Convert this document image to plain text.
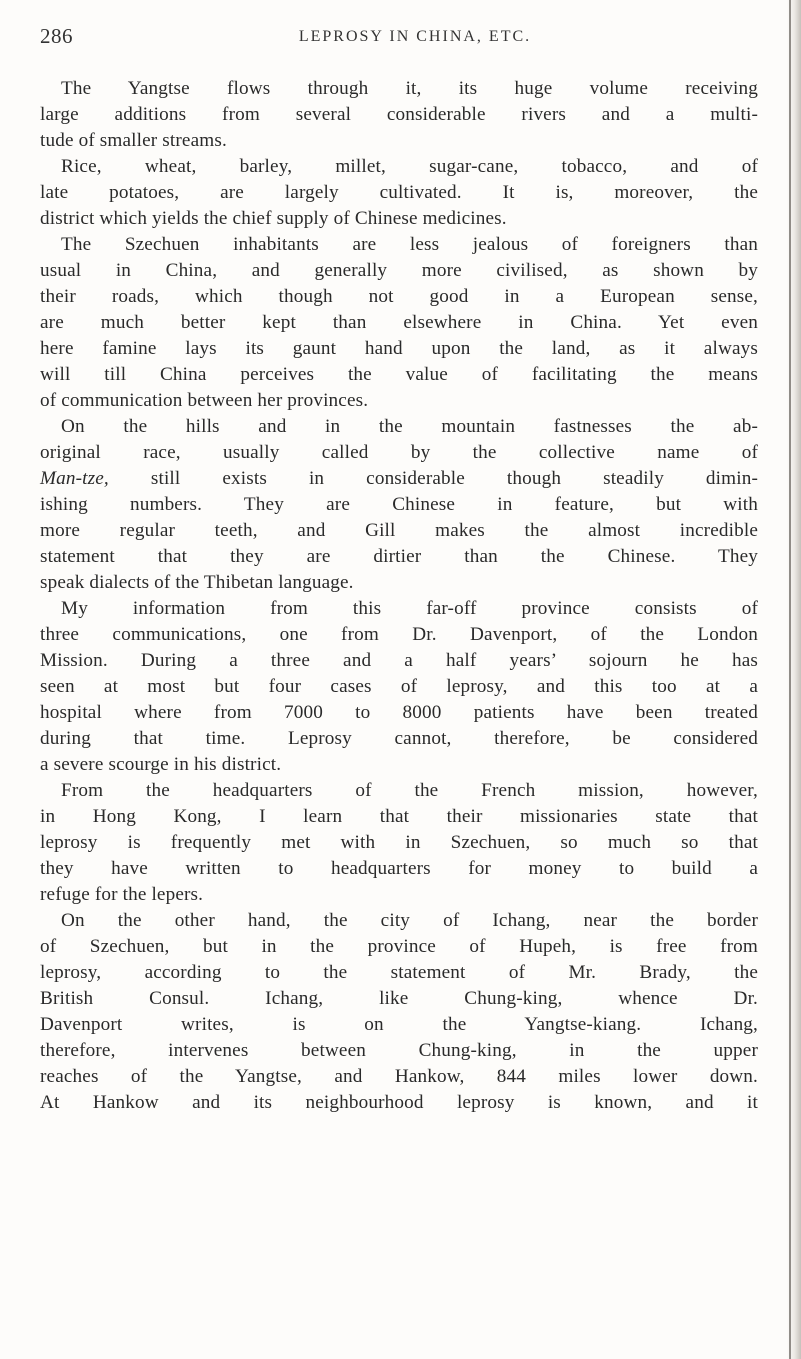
286	LEPROSY IN CHINA, ETC.
The Yangtse flows through it, its huge volume receiving
large additions from several considerable rivers and a multi-
tude of smaller streams.
Rice, wheat, barley, millet, sugar-cane, tobacco, and of
late potatoes, are largely cultivated. It is, moreover, the
district which yields the chief supply of Chinese medicines.
The Szechuen inhabitants are less jealous of foreigners than
usual in China, and generally more civilised, as shown by
their roads, which though not good in a European sense,
are much better kept than elsewhere in China. Yet even
here famine lays its gaunt hand upon the land, as it always
will till China perceives the value of facilitating the means
of communication between her provinces.
On the hills and in the mountain fastnesses the ab-
original race, usually called by the collective name of
Man-tze, still exists in considerable though steadily dimin-
ishing numbers. They are Chinese in feature, but with
more regular teeth, and Gill makes the almost incredible
statement that they are dirtier than the Chinese. They
speak dialects of the Thibetan language.
My information from this far-off province consists of
three communications, one from Dr. Davenport, of the London
Mission. During a three and a half years’ sojourn he has
seen at most but four cases of leprosy, and this too at a
hospital where from 7000 to 8000 patients have been treated
during that time. Leprosy cannot, therefore, be considered
a severe scourge in his district.
From the headquarters of the French mission, however,
in Hong Kong, I learn that their missionaries state that
leprosy is frequently met with in Szechuen, so much so that
they have written to headquarters for money to build a
refuge for the lepers.
On the other hand, the city of Ichang, near the border
of Szechuen, but in the province of Hupeh, is free from
leprosy, according to the statement of Mr. Brady, the
British Consul. Ichang, like Chung-king, whence Dr.
Davenport writes, is on the Yangtse-kiang. Ichang,
therefore, intervenes between Chung-king, in the upper
reaches of the Yangtse, and Hankow, 844 miles lower down.
At Hankow and its neighbourhood leprosy is known, and it
